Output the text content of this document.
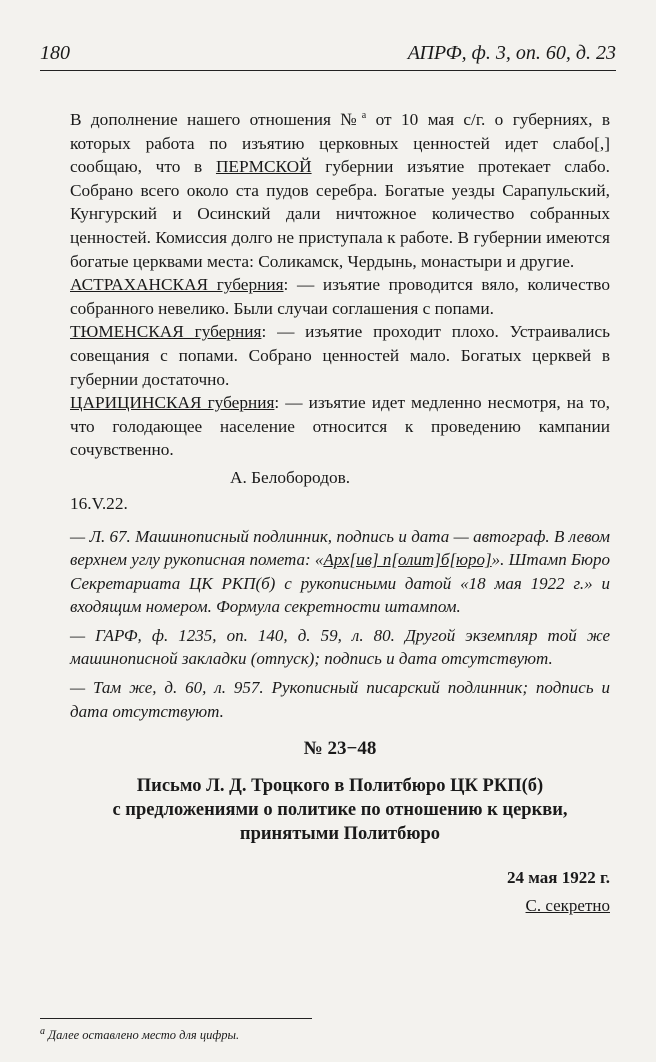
180	АПРФ, ф. 3, оп. 60, д. 23

В дополнение нашего отношения №$^а$ от 10 мая с/г. о губерниях, в которых работа по изъятию церковных ценностей идет слабо[,] сообщаю, что в ПЕРМСКОЙ губернии изъятие протекает слабо. Собрано всего около ста пудов серебра. Богатые уезды Сарапульский, Кунгурский и Осинский дали ничтожное количество собранных ценностей. Комиссия долго не приступала к работе. В губернии имеются богатые церквами места: Соликамск, Чердынь, монастыри и другие.

АСТРАХАНСКАЯ губерния: — изъятие проводится вяло, количество собранного невелико. Были случаи соглашения с попами.

ТЮМЕНСКАЯ губерния: — изъятие проходит плохо. Устраивались совещания с попами. Собрано ценностей мало. Богатых церквей в губернии достаточно.

ЦАРИЦИНСКАЯ губерния: — изъятие идет медленно несмотря, на то, что голодающее население относится к проведению кампании сочувственно.

А. Белобородов.
16.V.22.

— Л. 67. Машинописный подлинник, подпись и дата — автограф. В левом верхнем углу рукописная помета: «Арх[ив] п[олит]б[юро]». Штамп Бюро Секретариата ЦК РКП(б) с рукописными датой «18 мая 1922 г.» и входящим номером. Формула секретности штампом.

— ГАРФ, ф. 1235, оп. 140, д. 59, л. 80. Другой экземпляр той же машинописной закладки (отпуск); подпись и дата отсутствуют.

— Там же, д. 60, л. 957. Рукописный писарский подлинник; подпись и дата отсутствуют.

№ 23−48
Письмо Л. Д. Троцкого в Политбюро ЦК РКП(б)
с предложениями о политике по отношению к церкви,
принятыми Политбюро
24 мая 1922 г.
С. секретно
$^а$ Далее оставлено место для цифры.
